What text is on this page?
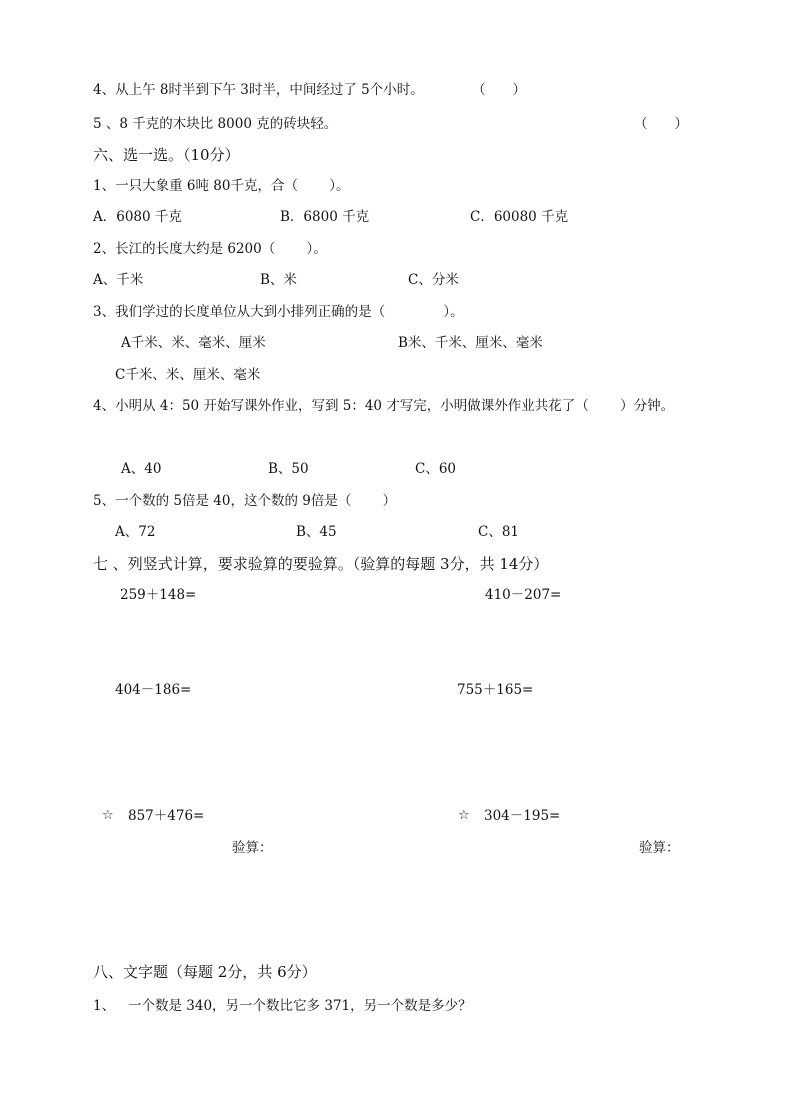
4、从上午 8时半到下午 3时半，中间经过了 5个小时。	（　　）
5 、8 千克的木块比 8000 克的砖块轻。	（　　）
六、选一选。（10分）
1、一只大象重 6吨 80千克，合（　　 ）。
A．6080 千克	B．6800 千克	C．60080 千克
2、长江的长度大约是 6200（　　 ）。
A、千米	B、米	C、分米
3、我们学过的长度单位从大到小排列正确的是（　　　　 ）。
A千米、米、毫米、厘米	B米、千米、厘米、毫米
C千米、米、厘米、毫米
4、小明从 4：50 开始写课外作业，写到 5：40 才写完，小明做课外作业共花了（　　 ）分钟。
A、40	B、50	C、60
5、一个数的 5倍是 40，这个数的 9倍是（　　 ）
A、72	B、45	C、81
七 、列竖式计算，要求验算的要验算。（验算的每题 3分，共 14分）
259＋148=	410－207=
404－186=	755＋165=
☆ 857＋476=	☆ 304－195=
验算：	验算：
八、文字题（每题 2分，共 6分）
1、 一个数是 340，另一个数比它多 371，另一个数是多少？
